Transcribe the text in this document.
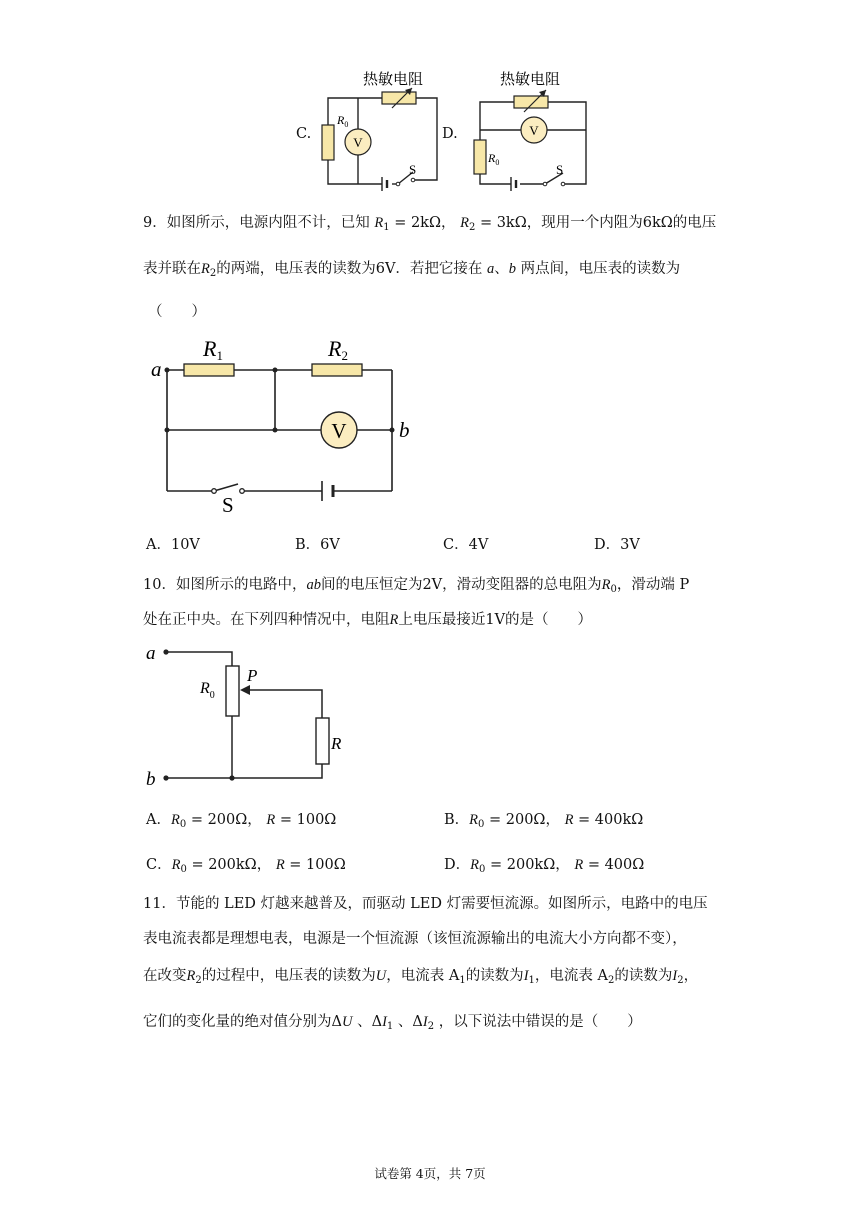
C.
热敏电阻
$R_0$
V
S
D.
热敏电阻
V
$R_0$	S
9．如图所示，电源内阻不计，已知 $R_1 = 2k\Omega$， $R_2 = 3k\Omega$，现用一个内阻为6kΩ的电压
表并联在$R_2$的两端，电压表的读数为6V．若把它接在 a、b 两点间，电压表的读数为
（　　）
V
a
b
R1	R2
S
A．10V	B．6V	C．4V	D．3V
10．如图所示的电路中，ab间的电压恒定为2V，滑动变阻器的总电阻为$R_0$，滑动端 P
处在正中央。在下列四种情况中，电阻R上电压最接近1V的是（　　）
a
b
$R_0$
P
R
A．$R_0 = 200\Omega$， R = 100Ω	B．$R_0 = 200\Omega$， R = 400kΩ
C．$R_0 = 200k\Omega$， R = 100Ω	D．$R_0 = 200k\Omega$， R = 400Ω
11．节能的 LED 灯越来越普及，而驱动 LED 灯需要恒流源。如图所示，电路中的电压
表电流表都是理想电表，电源是一个恒流源（该恒流源输出的电流大小方向都不变），
在改变$R_2$的过程中，电压表的读数为U，电流表 $A_1$的读数为$I_1$，电流表 $A_2$的读数为$I_2$，
它们的变化量的绝对值分别为ΔU 、$\Delta I_1$ 、$\Delta I_2$ ，以下说法中错误的是（　　）
试卷第 4页，共 7页
